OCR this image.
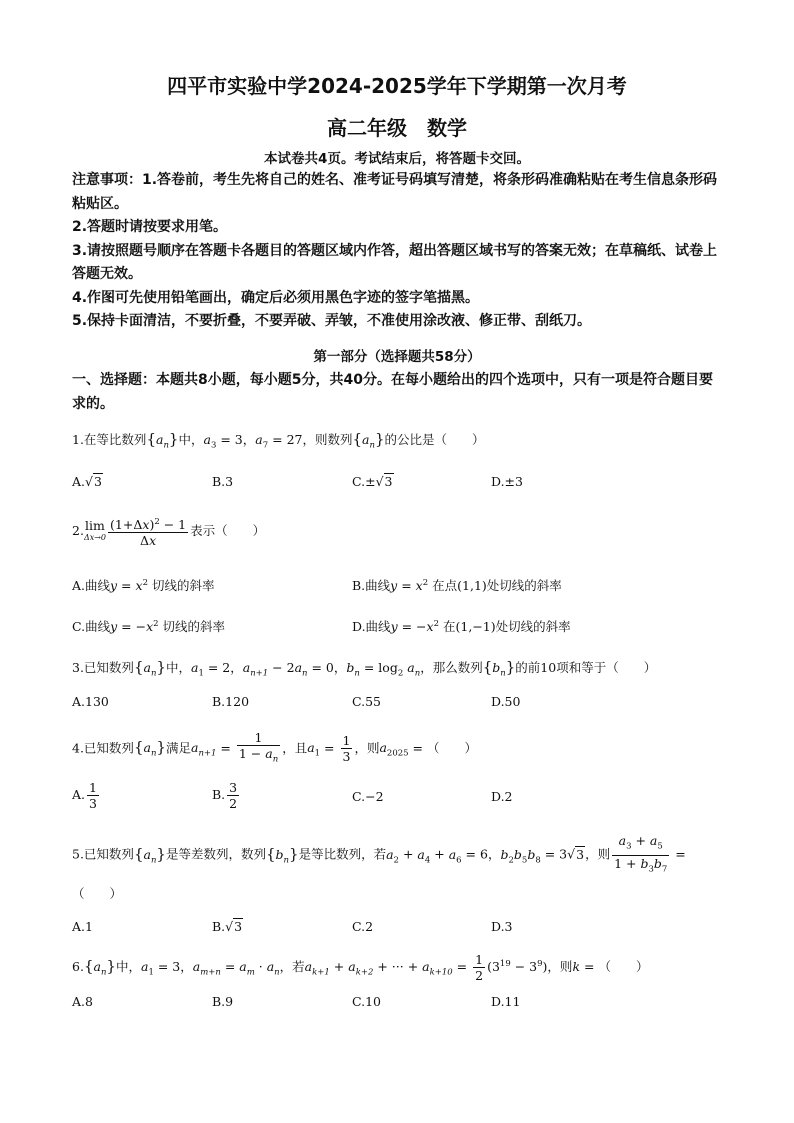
四平市实验中学2024-2025学年下学期第一次月考
高二年级　数学
本试卷共4页。考试结束后，将答题卡交回。

注意事项：1.答卷前，考生先将自己的姓名、准考证号码填写清楚，将条形码准确粘贴在考生信息条形码粘贴区。

2.答题时请按要求用笔。

3.请按照题号顺序在答题卡各题目的答题区域内作答，超出答题区域书写的答案无效；在草稿纸、试卷上答题无效。

4.作图可先使用铅笔画出，确定后必须用黑色字迹的签字笔描黑。

5.保持卡面清洁，不要折叠，不要弄破、弄皱，不准使用涂改液、修正带、刮纸刀。

第一部分（选择题共58分）
一、选择题：本题共8小题，每小题5分，共40分。在每小题给出的四个选项中，只有一项是符合题目要求的。
1.在等比数列$\{a_n\}$中，$a_3 = 3$，$a_7 = 27$，则数列$\{a_n\}$的公比是（　　）
A.√3	B.3	C.±√3	D.±3
2.lim
$\Delta x\to 0 \frac{(1+\Delta x)^2 - 1}{\Delta x}$ 表示（　　）
A.曲线$y = x^2$ 切线的斜率	B.曲线$y = x^2$ 在点(1,1)处切线的斜率
C.曲线$y = -x^2$ 切线的斜率	D.曲线$y = -x^2$ 在(1,−1)处切线的斜率
3.已知数列$\{a_n\}$中，$a_1 = 2$，$a_{n+1} - 2a_n = 0$，$b_n = \log_2 a_n$，那么数列$\{b_n\}$的前10项和等于（　　）
A.130	B.120	C.55	D.50
4.已知数列$\{a_n\}$满足$a_{n+1} = \frac{1}{1 - a_n}$ ，且$a_1 = \frac{1}{3}$ ，则$a_{2025}$ = （　　）
A. $\frac{1}{3}$	B. $\frac{3}{2}$	C.−2	D.2
5.已知数列$\{a_n\}$是等差数列，数列$\{b_n\}$是等比数列，若$a_2 + a_4 + a_6 = 6$，$b_2b_5b_8 = 3√3$，则 $\frac{a_3 + a_5}{1 + b_3b_7}$ =
（　　）
A.1	B.√3	C.2	D.3
$6.\{a_n\}$中，$a_1 = 3$，$a_{m+n} = a_m \cdot a_n$，若$a_{k+1} + a_{k+2}$ + ··· + $a_{k+10} = \frac{1}{2} (3^{19} - 3^9)$，则k = （　　）
A.8	B.9	C.10	D.11
